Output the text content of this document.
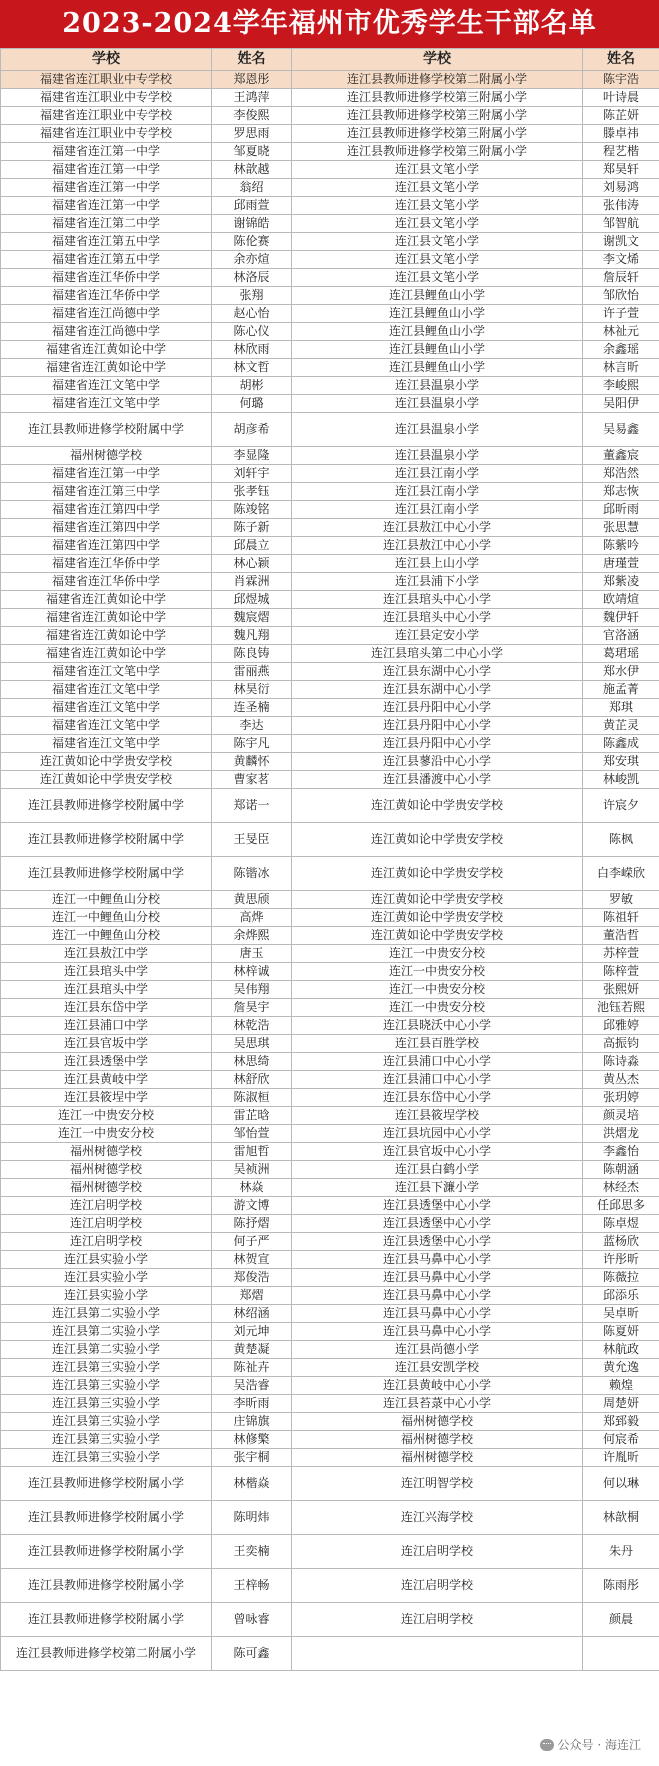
2023-2024学年福州市优秀学生干部名单
学校	姓名	学校	姓名
福建省连江职业中专学校	郑恩彤	连江县教师进修学校第二附属小学	陈宇浩
福建省连江职业中专学校	王鸿萍	连江县教师进修学校第三附属小学	叶诗晨
福建省连江职业中专学校	李俊熙	连江县教师进修学校第三附属小学	陈芷妍
福建省连江职业中专学校	罗思雨	连江县教师进修学校第三附属小学	滕卓祎
福建省连江第一中学	邹夏晓	连江县教师进修学校第三附属小学	程艺楷
福建省连江第一中学	林歆越	连江县文笔小学	郑昊轩
福建省连江第一中学	翁绍	连江县文笔小学	刘易鸿
福建省连江第一中学	邱雨萱	连江县文笔小学	张伟涛
福建省连江第二中学	谢锦皓	连江县文笔小学	邹智航
福建省连江第五中学	陈伦赛	连江县文笔小学	谢凯文
福建省连江第五中学	余亦煊	连江县文笔小学	李文烯
福建省连江华侨中学	林洛辰	连江县文笔小学	詹辰轩
福建省连江华侨中学	张翔	连江县鲤鱼山小学	邹欣怡
福建省连江尚德中学	赵心怡	连江县鲤鱼山小学	许子萱
福建省连江尚德中学	陈心仪	连江县鲤鱼山小学	林祉元
福建省连江黄如论中学	林欣雨	连江县鲤鱼山小学	余鑫瑶
福建省连江黄如论中学	林文哲	连江县鲤鱼山小学	林言昕
福建省连江文笔中学	胡彬	连江县温泉小学	李峻熙
福建省连江文笔中学	何璐	连江县温泉小学	吴阳伊
连江县教师进修学校附属中学	胡彦希	连江县温泉小学	吴易鑫
福州树德学校	李显隆	连江县温泉小学	董鑫宸
福建省连江第一中学	刘轩宇	连江县江南小学	郑浩然
福建省连江第三中学	张孝钰	连江县江南小学	郑志恢
福建省连江第四中学	陈竣铭	连江县江南小学	邱昕雨
福建省连江第四中学	陈子新	连江县敖江中心小学	张思慧
福建省连江第四中学	邱晨立	连江县敖江中心小学	陈紫吟
福建省连江华侨中学	林心颖	连江县上山小学	唐瑾萱
福建省连江华侨中学	肖霖洲	连江县浦下小学	郑紫凌
福建省连江黄如论中学	邱煜城	连江县琯头中心小学	欧靖煊
福建省连江黄如论中学	魏宸熠	连江县琯头中心小学	魏伊轩
福建省连江黄如论中学	魏凡翔	连江县定安小学	官洛涵
福建省连江黄如论中学	陈良铸	连江县琯头第二中心小学	葛珺瑶
福建省连江文笔中学	雷丽燕	连江县东湖中心小学	郑水伊
福建省连江文笔中学	林昊衍	连江县东湖中心小学	施孟菁
福建省连江文笔中学	连圣楠	连江县丹阳中心小学	郑琪
福建省连江文笔中学	李达	连江县丹阳中心小学	黄芷灵
福建省连江文笔中学	陈宇凡	连江县丹阳中心小学	陈鑫成
连江黄如论中学贵安学校	黄麟怀	连江县蓼沿中心小学	郑安琪
连江黄如论中学贵安学校	曹家茗	连江县潘渡中心小学	林峻凯
连江县教师进修学校附属中学	郑诺一	连江黄如论中学贵安学校	许宸夕
连江县教师进修学校附属中学	王旻臣	连江黄如论中学贵安学校	陈枫
连江县教师进修学校附属中学	陈锴冰	连江黄如论中学贵安学校	白李嵘欣
连江一中鲤鱼山分校	黄思颀	连江黄如论中学贵安学校	罗敏
连江一中鲤鱼山分校	高烨	连江黄如论中学贵安学校	陈祖轩
连江一中鲤鱼山分校	余烨熙	连江黄如论中学贵安学校	董浩哲
连江县敖江中学	唐玉	连江一中贵安分校	苏梓萱
连江县琯头中学	林梓诚	连江一中贵安分校	陈梓萱
连江县琯头中学	吴伟翔	连江一中贵安分校	张熙妍
连江县东岱中学	詹昊宇	连江一中贵安分校	池钰若熙
连江县浦口中学	林乾浩	连江县晓沃中心小学	邱雅婷
连江县官坂中学	吴思琪	连江县百胜学校	高振钧
连江县透堡中学	林思绮	连江县浦口中心小学	陈诗淼
连江县黄岐中学	林舒欣	连江县浦口中心小学	黄丛杰
连江县筱埕中学	陈淑桓	连江县东岱中心小学	张玥婷
连江一中贵安分校	雷芷晗	连江县筱埕学校	颜灵培
连江一中贵安分校	邹怡萱	连江县坑园中心小学	洪熠龙
福州树德学校	雷旭哲	连江县官坂中心小学	李鑫怡
福州树德学校	吴祯洲	连江县白鹤小学	陈朝涵
福州树德学校	林焱	连江县下濂小学	林经杰
连江启明学校	游文博	连江县透堡中心小学	任邱思多
连江启明学校	陈抒熠	连江县透堡中心小学	陈卓煜
连江启明学校	何子严	连江县透堡中心小学	蓝杨欣
连江县实验小学	林贺宣	连江县马鼻中心小学	许彤昕
连江县实验小学	郑俊浩	连江县马鼻中心小学	陈薇拉
连江县实验小学	郑熠	连江县马鼻中心小学	邱添乐
连江县第二实验小学	林绍涵	连江县马鼻中心小学	吴卓昕
连江县第二实验小学	刘元坤	连江县马鼻中心小学	陈夏妍
连江县第二实验小学	黄楚凝	连江县尚德小学	林航政
连江县第三实验小学	陈祉卉	连江县安凯学校	黄允逸
连江县第三实验小学	吴浩睿	连江县黄岐中心小学	赖煌
连江县第三实验小学	李昕雨	连江县苔菉中心小学	周楚妍
连江县第三实验小学	庄锦旗	福州树德学校	郑郅毅
连江县第三实验小学	林修檠	福州树德学校	何宸希
连江县第三实验小学	张宇桐	福州树德学校	许胤昕
连江县教师进修学校附属小学	林楷焱	连江明智学校	何以琳
连江县教师进修学校附属小学	陈明炜	连江兴海学校	林歆桐
连江县教师进修学校附属小学	王奕楠	连江启明学校	朱丹
连江县教师进修学校附属小学	王梓畅	连江启明学校	陈雨彤
连江县教师进修学校附属小学	曾咏睿	连江启明学校	颜晨
连江县教师进修学校第二附属小学	陈可鑫		
公众号 · 海连江
